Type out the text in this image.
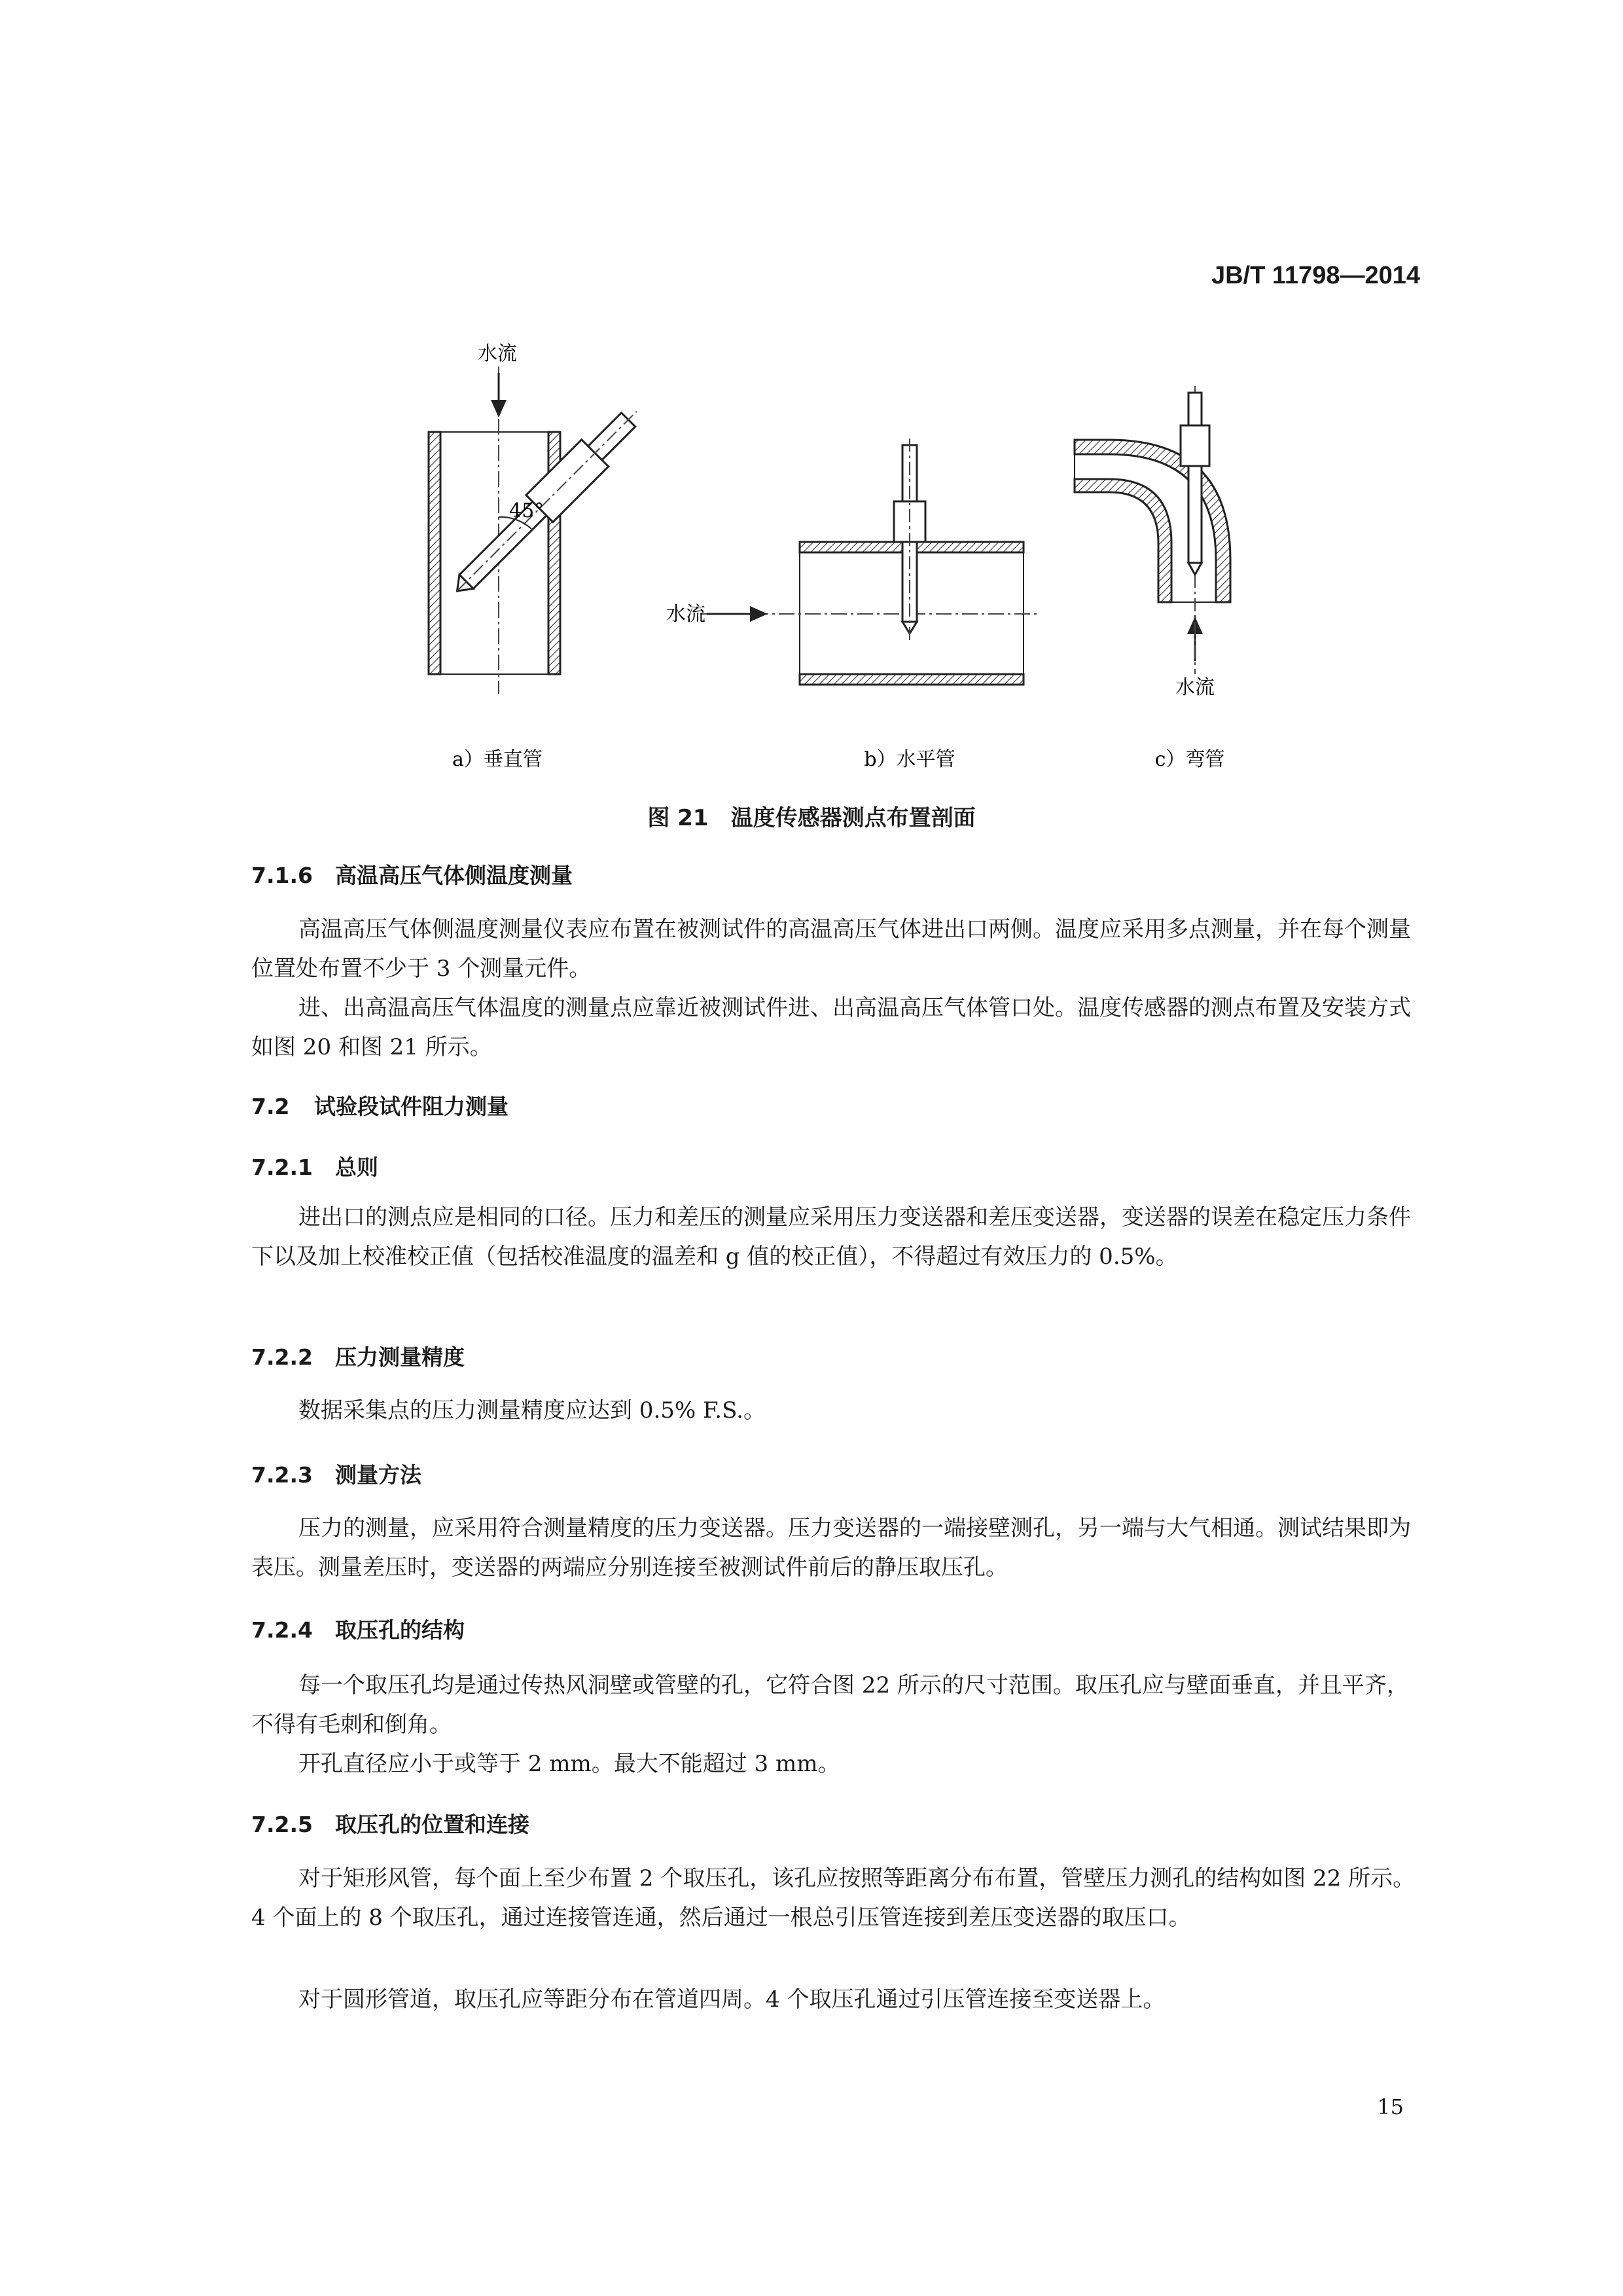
JB/T 11798—2014
水流
45°
a）垂直管
水流
b）水平管
水流
c）弯管
图 21　温度传感器测点布置剖面
7.1.6 高温高压气体侧温度测量
高温高压气体侧温度测量仪表应布置在被测试件的高温高压气体进出口两侧。温度应采用多点测量，并在每个测量位置处布置不少于 3 个测量元件。
进、出高温高压气体温度的测量点应靠近被测试件进、出高温高压气体管口处。温度传感器的测点布置及安装方式如图 20 和图 21 所示。
7.2 试验段试件阻力测量
7.2.1 总则
进出口的测点应是相同的口径。压力和差压的测量应采用压力变送器和差压变送器，变送器的误差在稳定压力条件下以及加上校准校正值（包括校准温度的温差和 g 值的校正值），不得超过有效压力的 0.5%。
7.2.2 压力测量精度
数据采集点的压力测量精度应达到 0.5% F.S.。
7.2.3 测量方法
压力的测量，应采用符合测量精度的压力变送器。压力变送器的一端接壁测孔，另一端与大气相通。测试结果即为表压。测量差压时，变送器的两端应分别连接至被测试件前后的静压取压孔。
7.2.4 取压孔的结构
每一个取压孔均是通过传热风洞壁或管壁的孔，它符合图 22 所示的尺寸范围。取压孔应与壁面垂直，并且平齐，不得有毛刺和倒角。
开孔直径应小于或等于 2 mm。最大不能超过 3 mm。
7.2.5 取压孔的位置和连接
对于矩形风管，每个面上至少布置 2 个取压孔，该孔应按照等距离分布布置，管壁压力测孔的结构如图 22 所示。4 个面上的 8 个取压孔，通过连接管连通，然后通过一根总引压管连接到差压变送器的取压口。
对于圆形管道，取压孔应等距分布在管道四周。4 个取压孔通过引压管连接至变送器上。
15
